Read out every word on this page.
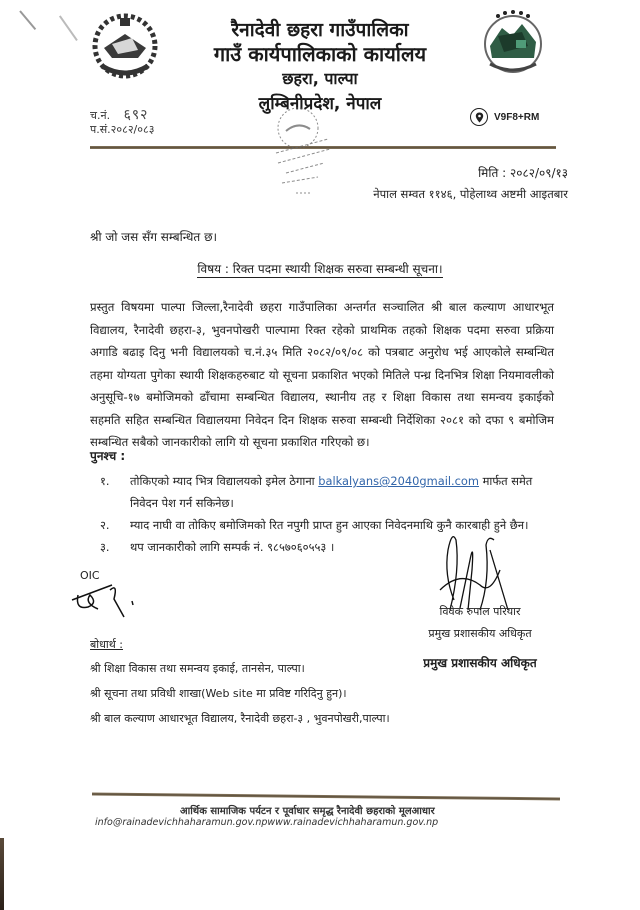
रैनादेवी छहरा गाउँपालिका
गाउँ कार्यपालिकाको कार्यालय
छहरा, पाल्पा
लुम्बिनीप्रदेश, नेपाल
च.नं. ६९२
प.सं.२०८२/०८३
V9F8+RM
मिति : २०८२/०९/१३
नेपाल सम्वत ११४६, पोहेलाथ्व अष्टमी आइतबार
श्री जो जस सँग सम्बन्धित छ।
विषय : रिक्त पदमा स्थायी शिक्षक सरुवा सम्बन्धी सूचना।
प्रस्तुत विषयमा पाल्पा जिल्ला,रैनादेवी छहरा गाउँपालिका अन्तर्गत सञ्चालित श्री बाल कल्याण आधारभूत विद्यालय, रैनादेवी छहरा-३, भुवनपोखरी पाल्पामा रिक्त रहेको प्राथमिक तहको शिक्षक पदमा सरुवा प्रक्रिया अगाडि बढाइ दिनु भनी विद्यालयको च.नं.३५ मिति २०८२/०९/०८ को पत्रबाट अनुरोध भई आएकोले सम्बन्धित तहमा योग्यता पुगेका स्थायी शिक्षकहरुबाट यो सूचना प्रकाशित भएको मितिले पन्ध्र दिनभित्र शिक्षा नियमावलीको अनुसूचि-१७ बमोजिमको ढाँचामा सम्बन्धित विद्यालय, स्थानीय तह र शिक्षा विकास तथा समन्वय इकाईको सहमति सहित सम्बन्धित विद्यालयमा निवेदन दिन शिक्षक सरुवा सम्बन्धी निर्देशिका २०८१ को दफा ९ बमोजिम सम्बन्धित सबैको जानकारीको लागि यो सूचना प्रकाशित गरिएको छ।
पुनश्च :
१.	तोकिएको म्याद भित्र विद्यालयको इमेल ठेगाना balkalyans@2040gmail.com मार्फत समेत निवेदन पेश गर्न सकिनेछ।
२.	म्याद नाघी वा तोकिए बमोजिमको रित नपुगी प्राप्त हुन आएका निवेदनमाथि कुनै कारबाही हुने छैन।
३.	थप जानकारीको लागि सम्पर्क नं. ९८५७०६०५५३ ।
विवेक रुपाल परियार
प्रमुख प्रशासकीय अधिकृत
प्रमुख प्रशासकीय अधिकृत
OIC
बोधार्थ :
श्री शिक्षा विकास तथा समन्वय इकाई, तानसेन, पाल्पा।
श्री सूचना तथा प्रविधी शाखा(Web site मा प्रविष्ट गरिदिनु हुन)।
श्री बाल कल्याण आधारभूत विद्यालय, रैनादेवी छहरा-३ , भुवनपोखरी,पाल्पा।
आर्थिक सामाजिक पर्यटन र पूर्वाधार समृद्ध रैनादेवी छहराको मूलआधार
info@rainadevichhaharamun.gov.npwww.rainadevichhaharamun.gov.np
